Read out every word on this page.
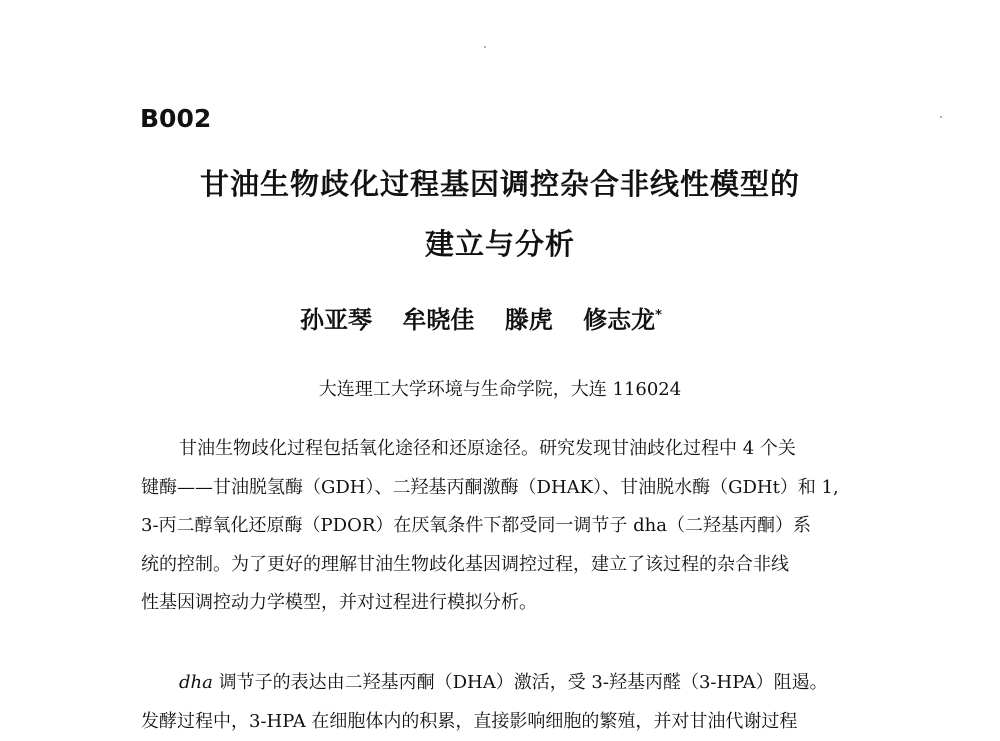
B002
甘油生物歧化过程基因调控杂合非线性模型的
建立与分析
孙亚琴 牟晓佳 滕虎 修志龙*
大连理工大学环境与生命学院，大连 116024
甘油生物歧化过程包括氧化途径和还原途径。研究发现甘油歧化过程中 4 个关
键酶——甘油脱氢酶（GDH）、二羟基丙酮激酶（DHAK）、甘油脱水酶（GDHt）和 1,
3-丙二醇氧化还原酶（PDOR）在厌氧条件下都受同一调节子 dha（二羟基丙酮）系
统的控制。为了更好的理解甘油生物歧化基因调控过程，建立了该过程的杂合非线
性基因调控动力学模型，并对过程进行模拟分析。
dha 调节子的表达由二羟基丙酮（DHA）激活，受 3-羟基丙醛（3-HPA）阻遏。
发酵过程中，3-HPA 在细胞体内的积累，直接影响细胞的繁殖，并对甘油代谢过程
